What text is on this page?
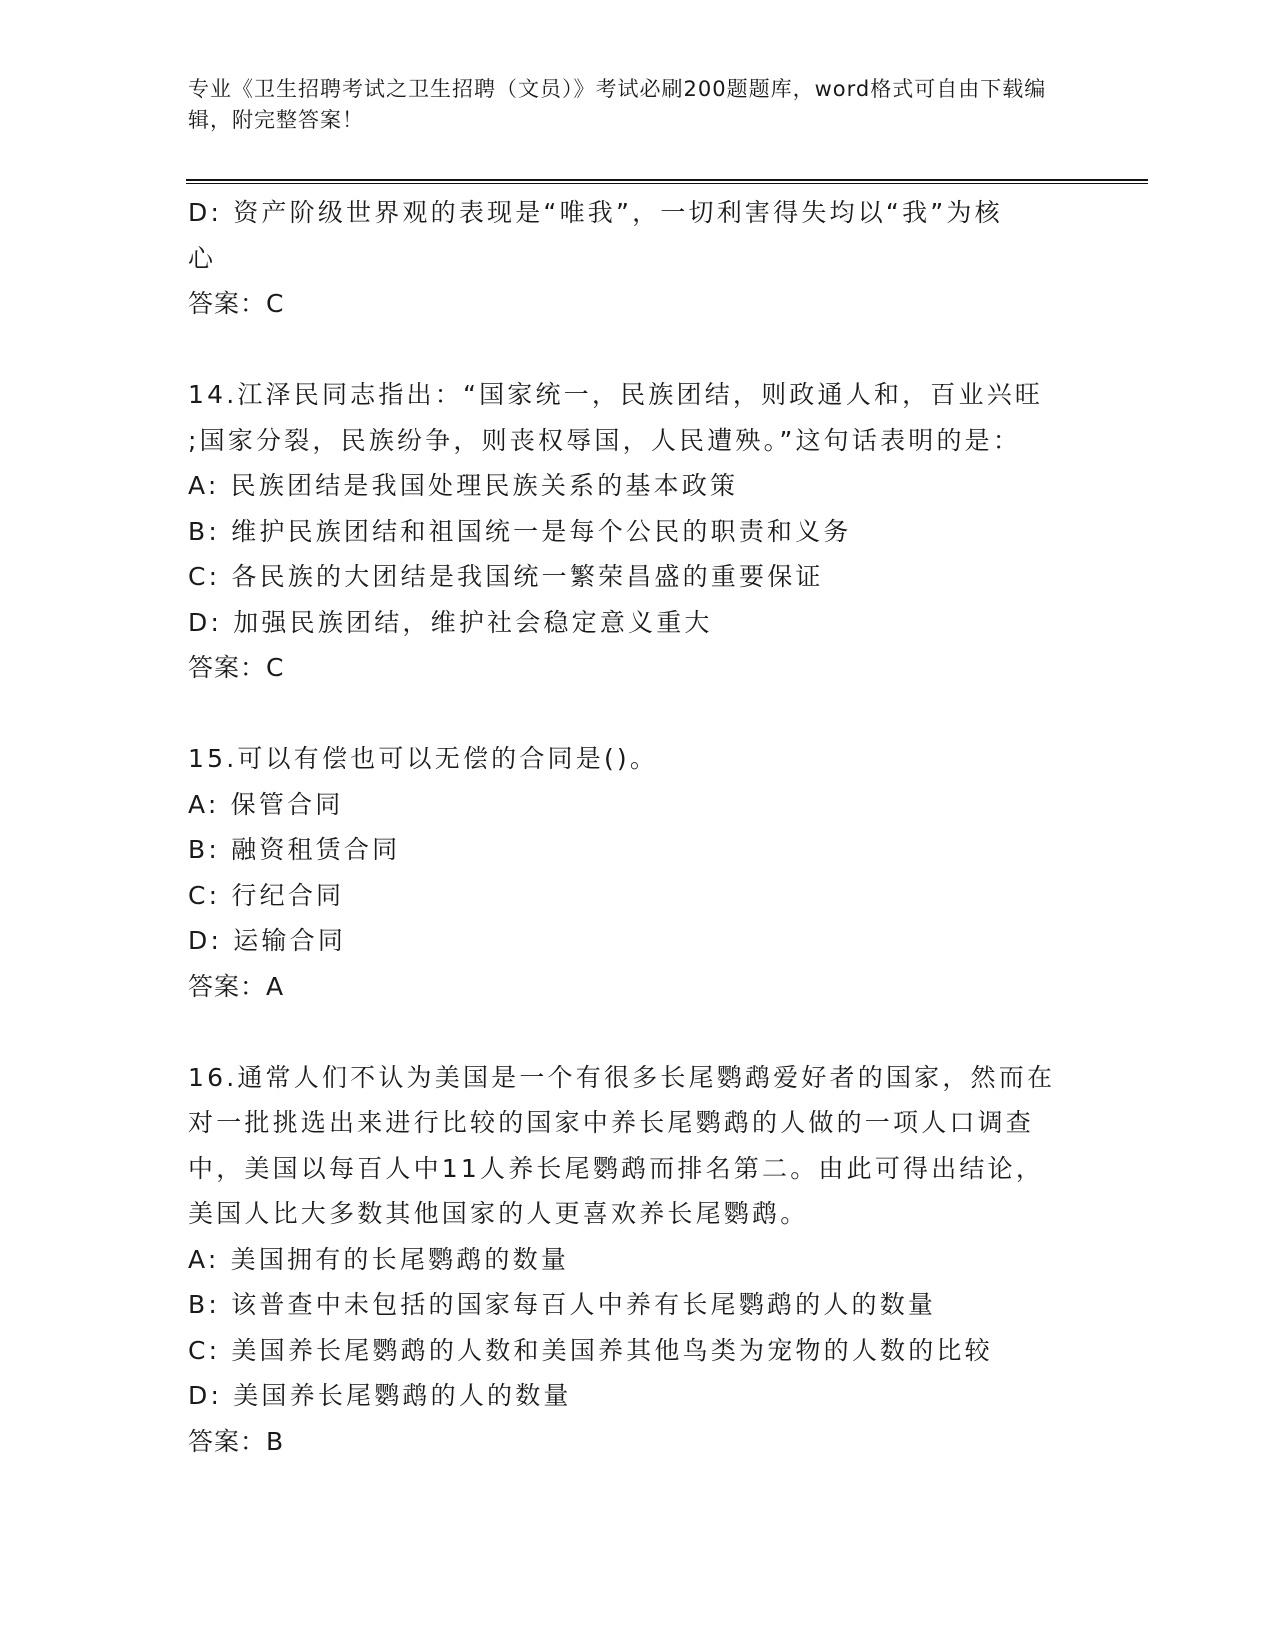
专业《卫生招聘考试之卫生招聘（文员）》考试必刷200题题库，word格式可自由下载编辑，附完整答案！
D: 资产阶级世界观的表现是“唯我”，一切利害得失均以“我”为核
心
答案：C
14.江泽民同志指出：“国家统一，民族团结，则政通人和，百业兴旺
;国家分裂，民族纷争，则丧权辱国，人民遭殃。”这句话表明的是：
A: 民族团结是我国处理民族关系的基本政策
B: 维护民族团结和祖国统一是每个公民的职责和义务
C: 各民族的大团结是我国统一繁荣昌盛的重要保证
D: 加强民族团结，维护社会稳定意义重大
答案：C
15.可以有偿也可以无偿的合同是()。
A: 保管合同
B: 融资租赁合同
C: 行纪合同
D: 运输合同
答案：A
16.通常人们不认为美国是一个有很多长尾鹦鹉爱好者的国家，然而在
对一批挑选出来进行比较的国家中养长尾鹦鹉的人做的一项人口调查
中，美国以每百人中11人养长尾鹦鹉而排名第二。由此可得出结论，
美国人比大多数其他国家的人更喜欢养长尾鹦鹉。
A: 美国拥有的长尾鹦鹉的数量
B: 该普查中未包括的国家每百人中养有长尾鹦鹉的人的数量
C: 美国养长尾鹦鹉的人数和美国养其他鸟类为宠物的人数的比较
D: 美国养长尾鹦鹉的人的数量
答案：B
